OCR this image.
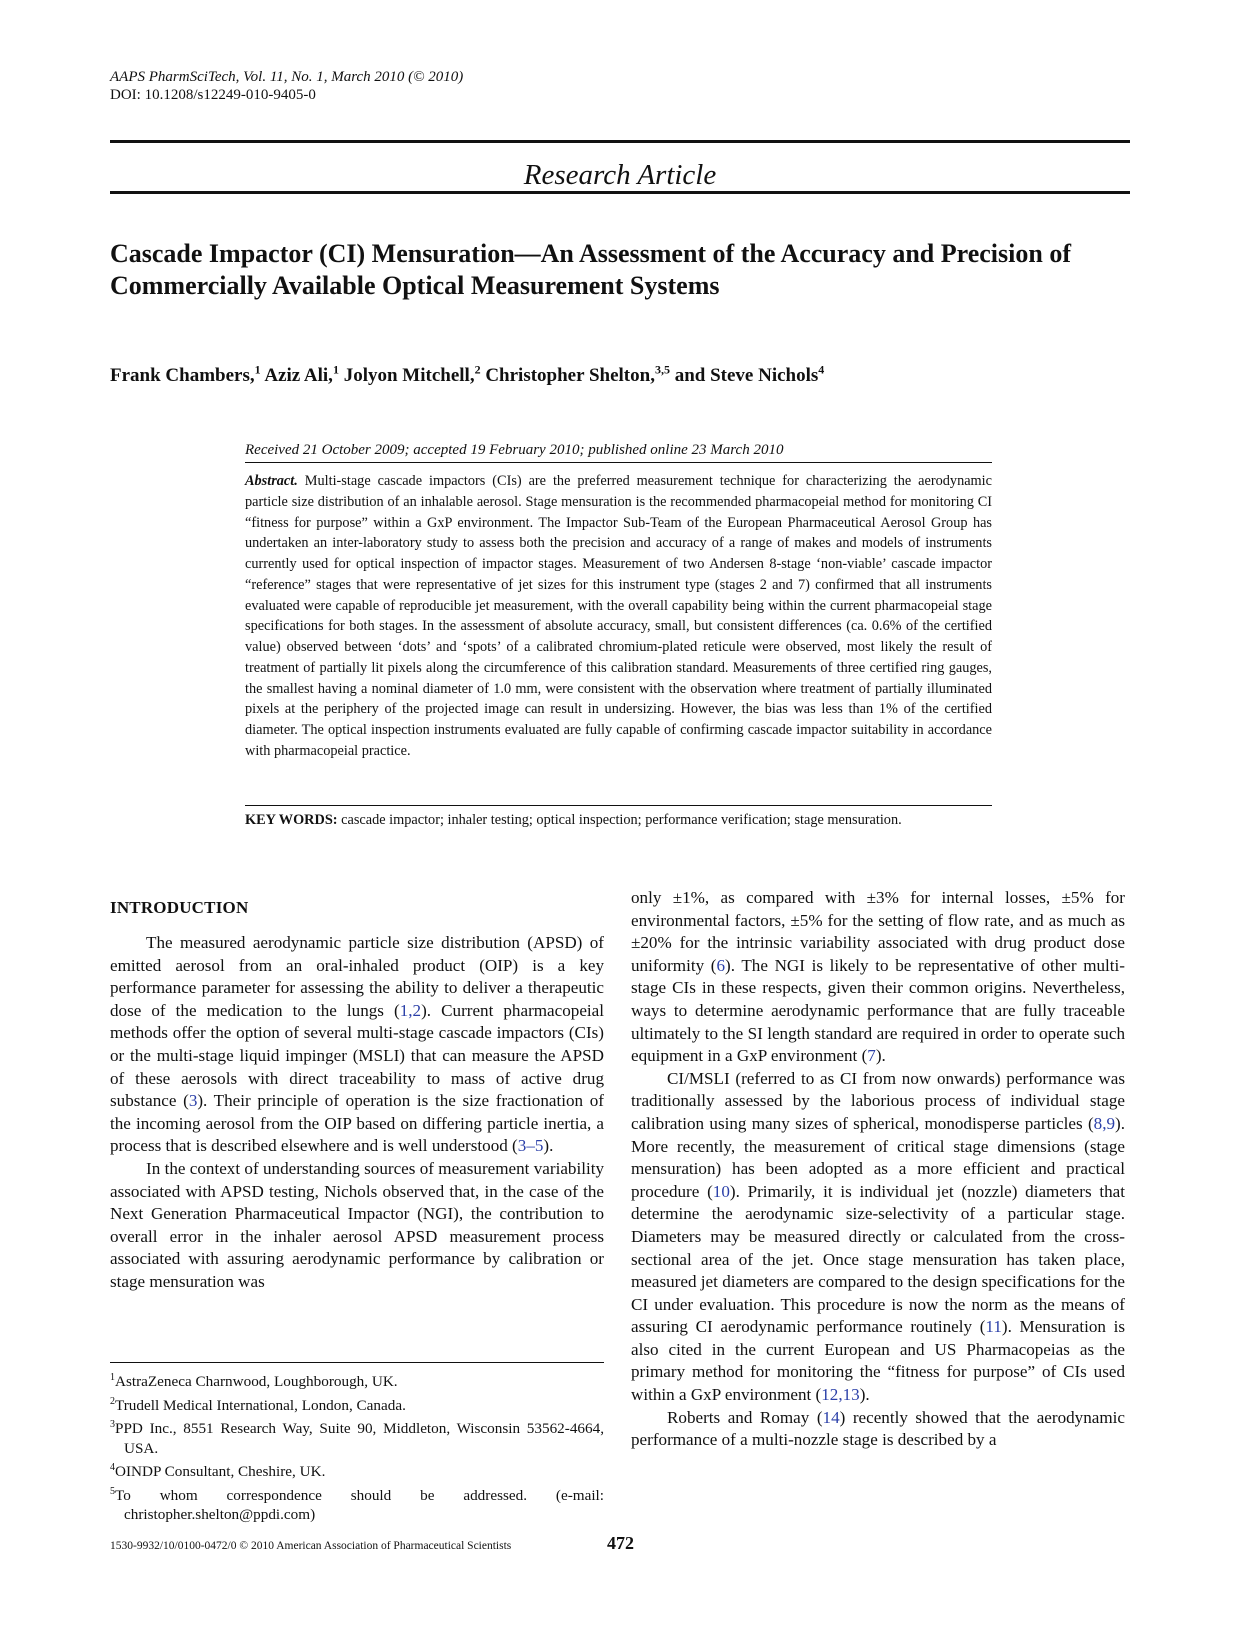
AAPS PharmSciTech, Vol. 11, No. 1, March 2010 (© 2010)
DOI: 10.1208/s12249-010-9405-0
Research Article
Cascade Impactor (CI) Mensuration—An Assessment of the Accuracy and Precision of Commercially Available Optical Measurement Systems
Frank Chambers,$^1$ Aziz Ali,$^1$ Jolyon Mitchell,$^2$ Christopher Shelton,$^{3,5}$ and Steve Nichols$^4$
Received 21 October 2009; accepted 19 February 2010; published online 23 March 2010
Abstract. Multi-stage cascade impactors (CIs) are the preferred measurement technique for characterizing the aerodynamic particle size distribution of an inhalable aerosol. Stage mensuration is the recommended pharmacopeial method for monitoring CI “fitness for purpose” within a GxP environment. The Impactor Sub-Team of the European Pharmaceutical Aerosol Group has undertaken an inter-laboratory study to assess both the precision and accuracy of a range of makes and models of instruments currently used for optical inspection of impactor stages. Measurement of two Andersen 8-stage ‘non-viable’ cascade impactor “reference” stages that were representative of jet sizes for this instrument type (stages 2 and 7) confirmed that all instruments evaluated were capable of reproducible jet measurement, with the overall capability being within the current pharmacopeial stage specifications for both stages. In the assessment of absolute accuracy, small, but consistent differences (ca. 0.6% of the certified value) observed between ‘dots’ and ‘spots’ of a calibrated chromium-plated reticule were observed, most likely the result of treatment of partially lit pixels along the circumference of this calibration standard. Measurements of three certified ring gauges, the smallest having a nominal diameter of 1.0 mm, were consistent with the observation where treatment of partially illuminated pixels at the periphery of the projected image can result in undersizing. However, the bias was less than 1% of the certified diameter. The optical inspection instruments evaluated are fully capable of confirming cascade impactor suitability in accordance with pharmacopeial practice.
KEY WORDS: cascade impactor; inhaler testing; optical inspection; performance verification; stage mensuration.
INTRODUCTION

The measured aerodynamic particle size distribution (APSD) of emitted aerosol from an oral-inhaled product (OIP) is a key performance parameter for assessing the ability to deliver a therapeutic dose of the medication to the lungs (1,2). Current pharmacopeial methods offer the option of several multi-stage cascade impactors (CIs) or the multi-stage liquid impinger (MSLI) that can measure the APSD of these aerosols with direct traceability to mass of active drug substance (3). Their principle of operation is the size fractionation of the incoming aerosol from the OIP based on differing particle inertia, a process that is described elsewhere and is well understood (3–5).

In the context of understanding sources of measurement variability associated with APSD testing, Nichols observed that, in the case of the Next Generation Pharmaceutical Impactor (NGI), the contribution to overall error in the inhaler aerosol APSD measurement process associated with assuring aerodynamic performance by calibration or stage mensuration was

only ±1%, as compared with ±3% for internal losses, ±5% for environmental factors, ±5% for the setting of flow rate, and as much as ±20% for the intrinsic variability associated with drug product dose uniformity (6). The NGI is likely to be representative of other multi-stage CIs in these respects, given their common origins. Nevertheless, ways to determine aerodynamic performance that are fully traceable ultimately to the SI length standard are required in order to operate such equipment in a GxP environment (7).

CI/MSLI (referred to as CI from now onwards) performance was traditionally assessed by the laborious process of individual stage calibration using many sizes of spherical, monodisperse particles (8,9). More recently, the measurement of critical stage dimensions (stage mensuration) has been adopted as a more efficient and practical procedure (10). Primarily, it is individual jet (nozzle) diameters that determine the aerodynamic size-selectivity of a particular stage. Diameters may be measured directly or calculated from the cross-sectional area of the jet. Once stage mensuration has taken place, measured jet diameters are compared to the design specifications for the CI under evaluation. This procedure is now the norm as the means of assuring CI aerodynamic performance routinely (11). Mensuration is also cited in the current European and US Pharmacopeias as the primary method for monitoring the “fitness for purpose” of CIs used within a GxP environment (12,13).

Roberts and Romay (14) recently showed that the aerodynamic performance of a multi-nozzle stage is described by a

$^1$AstraZeneca Charnwood, Loughborough, UK.
$^2$Trudell Medical International, London, Canada.
$^3$PPD Inc., 8551 Research Way, Suite 90, Middleton, Wisconsin 53562-4664, USA.
$^4$OINDP Consultant, Cheshire, UK.
$^5$To whom correspondence should be addressed. (e-mail: christopher.shelton@ppdi.com)
1530-9932/10/0100-0472/0 © 2010 American Association of Pharmaceutical Scientists	472
